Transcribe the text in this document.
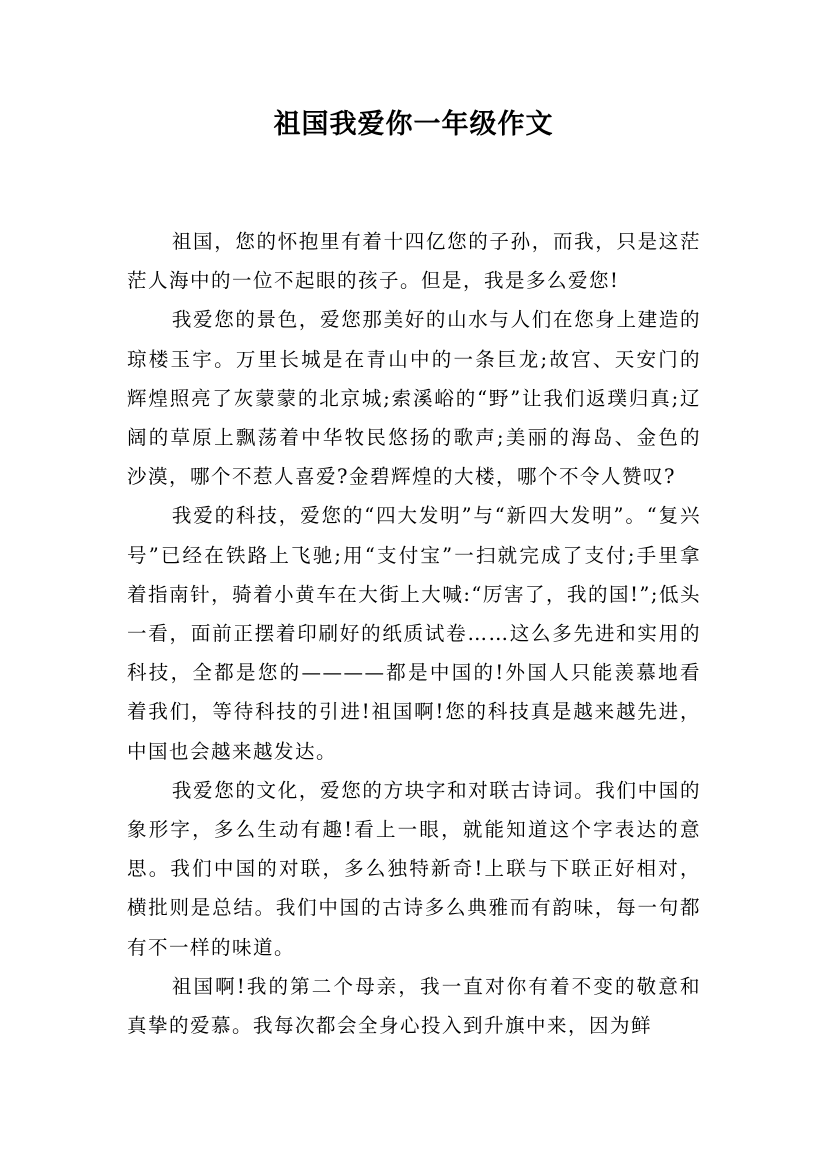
祖国我爱你一年级作文

祖国，您的怀抱里有着十四亿您的子孙，而我，只是这茫茫人海中的一位不起眼的孩子。但是，我是多么爱您!

我爱您的景色，爱您那美好的山水与人们在您身上建造的琼楼玉宇。万里长城是在青山中的一条巨龙;故宫、天安门的辉煌照亮了灰蒙蒙的北京城;索溪峪的“野”让我们返璞归真;辽阔的草原上飘荡着中华牧民悠扬的歌声;美丽的海岛、金色的沙漠，哪个不惹人喜爱?金碧辉煌的大楼，哪个不令人赞叹?

我爱的科技，爱您的“四大发明”与“新四大发明”。“复兴号”已经在铁路上飞驰;用“支付宝”一扫就完成了支付;手里拿着指南针，骑着小黄车在大街上大喊:“厉害了，我的国!”;低头一看，面前正摆着印刷好的纸质试卷……这么多先进和实用的科技，全都是您的————都是中国的!外国人只能羡慕地看着我们，等待科技的引进!祖国啊!您的科技真是越来越先进，中国也会越来越发达。

我爱您的文化，爱您的方块字和对联古诗词。我们中国的象形字，多么生动有趣!看上一眼，就能知道这个字表达的意思。我们中国的对联，多么独特新奇!上联与下联正好相对，横批则是总结。我们中国的古诗多么典雅而有韵味，每一句都有不一样的味道。

祖国啊!我的第二个母亲，我一直对你有着不变的敬意和真挚的爱慕。我每次都会全身心投入到升旗中来，因为鲜
